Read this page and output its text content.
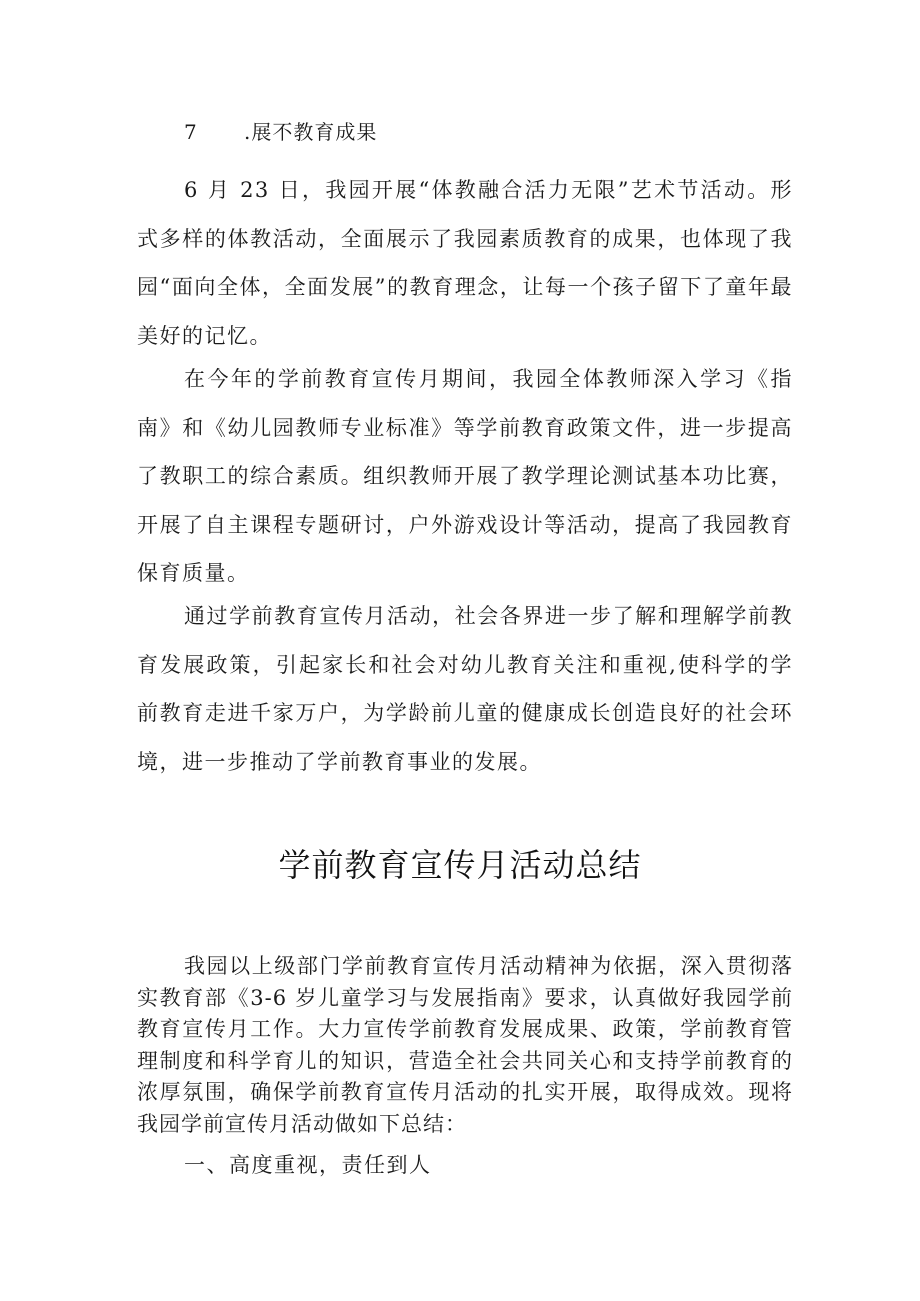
7 .展不教育成果

6 月 23 日，我园开展“体教融合活力无限”艺术节活动。形式多样的体教活动，全面展示了我园素质教育的成果，也体现了我园“面向全体，全面发展”的教育理念，让每一个孩子留下了童年最美好的记忆。

在今年的学前教育宣传月期间，我园全体教师深入学习《指南》和《幼儿园教师专业标准》等学前教育政策文件，进一步提高了教职工的综合素质。组织教师开展了教学理论测试基本功比赛，开展了自主课程专题研讨，户外游戏设计等活动，提高了我园教育保育质量。

通过学前教育宣传月活动，社会各界进一步了解和理解学前教育发展政策，引起家长和社会对幼儿教育关注和重视,使科学的学前教育走进千家万户，为学龄前儿童的健康成长创造良好的社会环境，进一步推动了学前教育事业的发展。

学前教育宣传月活动总结

我园以上级部门学前教育宣传月活动精神为依据，深入贯彻落实教育部《3-6 岁儿童学习与发展指南》要求，认真做好我园学前教育宣传月工作。大力宣传学前教育发展成果、政策，学前教育管理制度和科学育儿的知识，营造全社会共同关心和支持学前教育的浓厚氛围，确保学前教育宣传月活动的扎实开展，取得成效。现将我园学前宣传月活动做如下总结：

一、高度重视，责任到人
